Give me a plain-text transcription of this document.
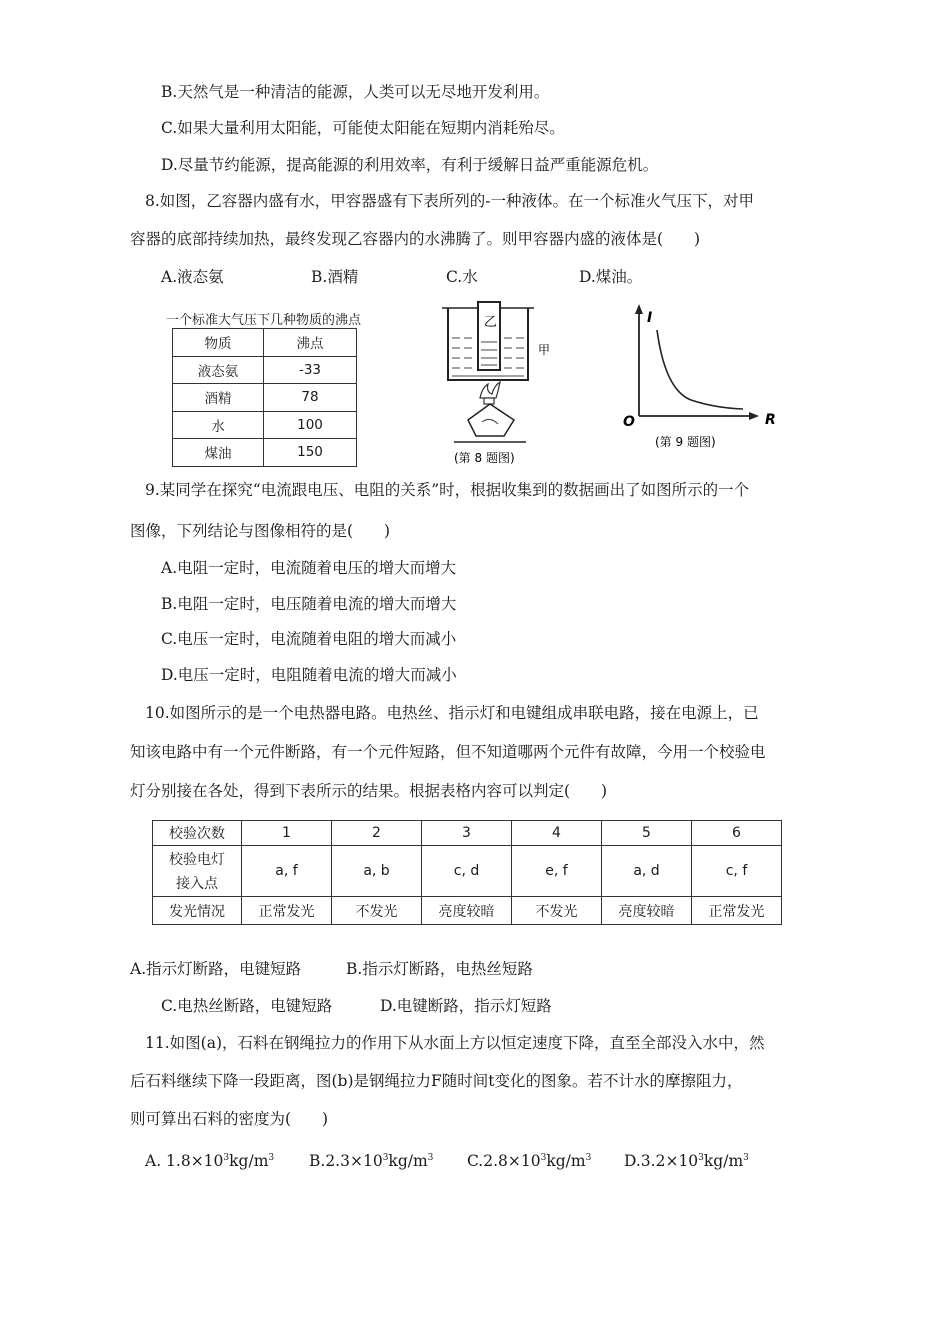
B.天然气是一种清洁的能源，人类可以无尽地开发利用。
C.如果大量利用太阳能，可能使太阳能在短期内消耗殆尽。
D.尽量节约能源，提高能源的利用效率，有利于缓解日益严重能源危机。
8.如图，乙容器内盛有水，甲容器盛有下表所列的-一种液体。在一个标准火气压下，对甲
容器的底部持续加热，最终发现乙容器内的水沸腾了。则甲容器内盛的液体是(　　)
A.液态氨	B.酒精	C.水	D.煤油。
一个标准大气压下几种物质的沸点
物质	沸点
液态氨	-33
酒精	78
水	100
煤油	150
乙
甲
(第 8 题图)
I
R
O
(第 9 题图)
9.某同学在探究“电流跟电压、电阻的关系”时，根据收集到的数据画出了如图所示的一个
图像，下列结论与图像相符的是(　　)
A.电阻一定时，电流随着电压的增大而增大
B.电阻一定时，电压随着电流的增大而增大
C.电压一定时，电流随着电阻的增大而减小
D.电压一定时，电阻随着电流的增大而减小
10.如图所示的是一个电热器电路。电热丝、指示灯和电键组成串联电路，接在电源上，已
知该电路中有一个元件断路，有一个元件短路，但不知道哪两个元件有故障，今用一个校验电
灯分别接在各处，得到下表所示的结果。根据表格内容可以判定(　　)
校验次数	1	2	3	4	5	6

校验电灯
接入点	a, f	a, b	c, d	e, f	a, d	c, f
发光情况	正常发光	不发光	亮度较暗	不发光	亮度较暗	正常发光
A.指示灯断路，电键短路	B.指示灯断路，电热丝短路
C.电热丝断路，电键短路	D.电键断路，指示灯短路
11.如图(a)，石料在钢绳拉力的作用下从水面上方以恒定速度下降，直至全部没入水中，然
后石料继续下降一段距离，图(b)是钢绳拉力F随时间t变化的图象。若不计水的摩擦阻力，
则可算出石料的密度为(　　)
A. $1.8\times 10^3kg/m^3$ $B.2.3\times 10^3kg/m^3$ $C.2.8\times 10^3kg/m^3$ $D.3.2\times 10^3kg/m^3$
